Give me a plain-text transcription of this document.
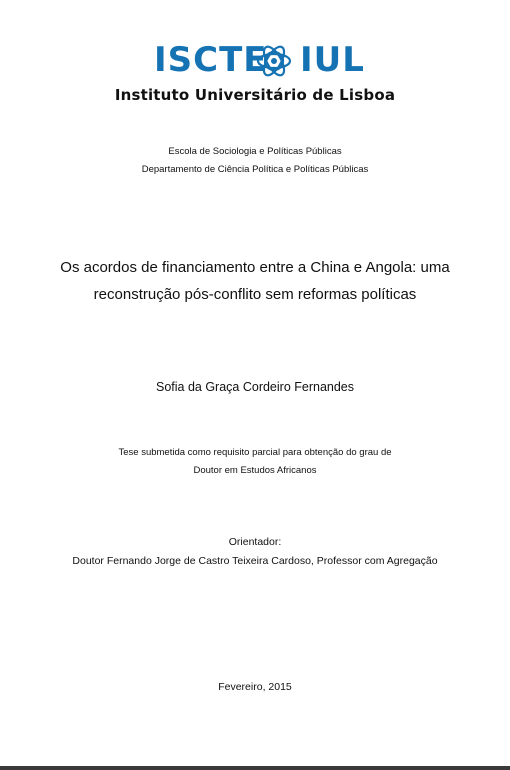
ISCTE IUL
Instituto Universitário de Lisboa
Escola de Sociologia e Políticas Públicas
Departamento de Ciência Política e Políticas Públicas
Os acordos de financiamento entre a China e Angola: uma
reconstrução pós-conflito sem reformas políticas
Sofia da Graça Cordeiro Fernandes
Tese submetida como requisito parcial para obtenção do grau de
Doutor em Estudos Africanos
Orientador:
Doutor Fernando Jorge de Castro Teixeira Cardoso, Professor com Agregação
Fevereiro, 2015
